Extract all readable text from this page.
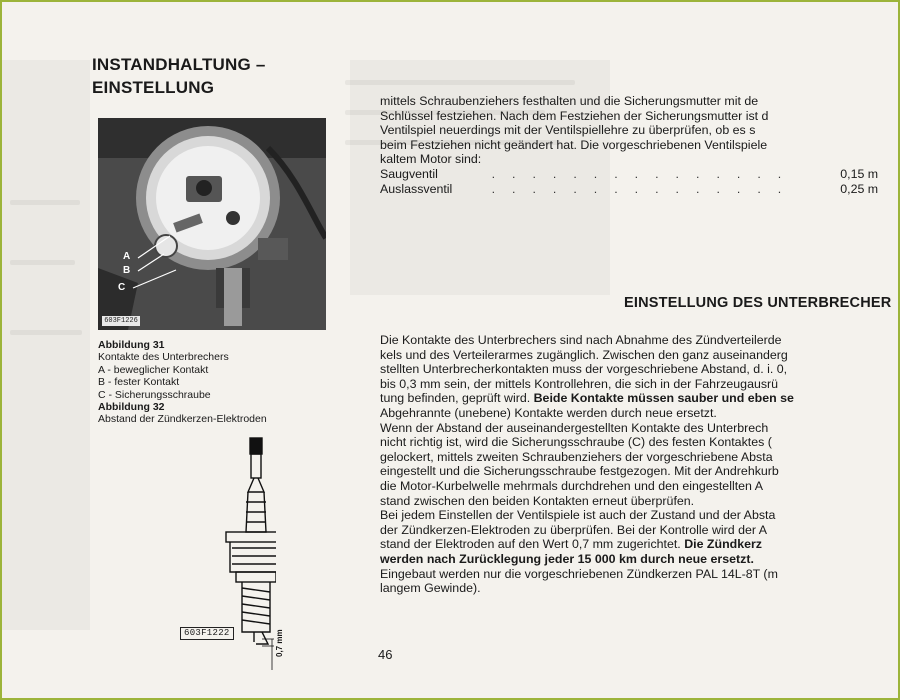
INSTANDHALTUNG –
EINSTELLUNG
A
B
C
603F1226
Abbildung 31
Kontakte des Unterbrechers
A - beweglicher Kontakt
B - fester Kontakt
C - Sicherungsschraube
Abbildung 32
Abstand der Zündkerzen-Elektroden
603F1222	0,7 mm

mittels Schraubenziehers festhalten und die Sicherungsmutter mit de

Schlüssel festziehen. Nach dem Festziehen der Sicherungsmutter ist d

Ventilspiel neuerdings mit der Ventilspiellehre zu überprüfen, ob es s

beim Festziehen nicht geändert hat. Die vorgeschriebenen Ventilspiele

kaltem Motor sind:

Saugventil	...............	0,15 m
Auslassventil	...............	0,25 m
EINSTELLUNG DES UNTERBRECHER

Die Kontakte des Unterbrechers sind nach Abnahme des Zündverteilerde

kels und des Verteilerarmes zugänglich. Zwischen den ganz auseinanderg

stellten Unterbrecherkontakten muss der vorgeschriebene Abstand, d. i. 0,

bis 0,3 mm sein, der mittels Kontrollehren, die sich in der Fahrzeugausrü

tung befinden, geprüft wird. Beide Kontakte müssen sauber und eben se

Abgehrannte (unebene) Kontakte werden durch neue ersetzt.

Wenn der Abstand der auseinandergestellten Kontakte des Unterbrech

nicht richtig ist, wird die Sicherungsschraube (C) des festen Kontaktes (

gelockert, mittels zweiten Schraubenziehers der vorgeschriebene Absta

eingestellt und die Sicherungsschraube festgezogen. Mit der Andrehkurb

die Motor-Kurbelwelle mehrmals durchdrehen und den eingestellten A

stand zwischen den beiden Kontakten erneut überprüfen.

Bei jedem Einstellen der Ventilspiele ist auch der Zustand und der Absta

der Zündkerzen-Elektroden zu überprüfen. Bei der Kontrolle wird der A

stand der Elektroden auf den Wert 0,7 mm zugerichtet. Die Zündkerz

werden nach Zurücklegung jeder 15 000 km durch neue ersetzt.

Eingebaut werden nur die vorgeschriebenen Zündkerzen PAL 14L-8T (m

langem Gewinde).

46
